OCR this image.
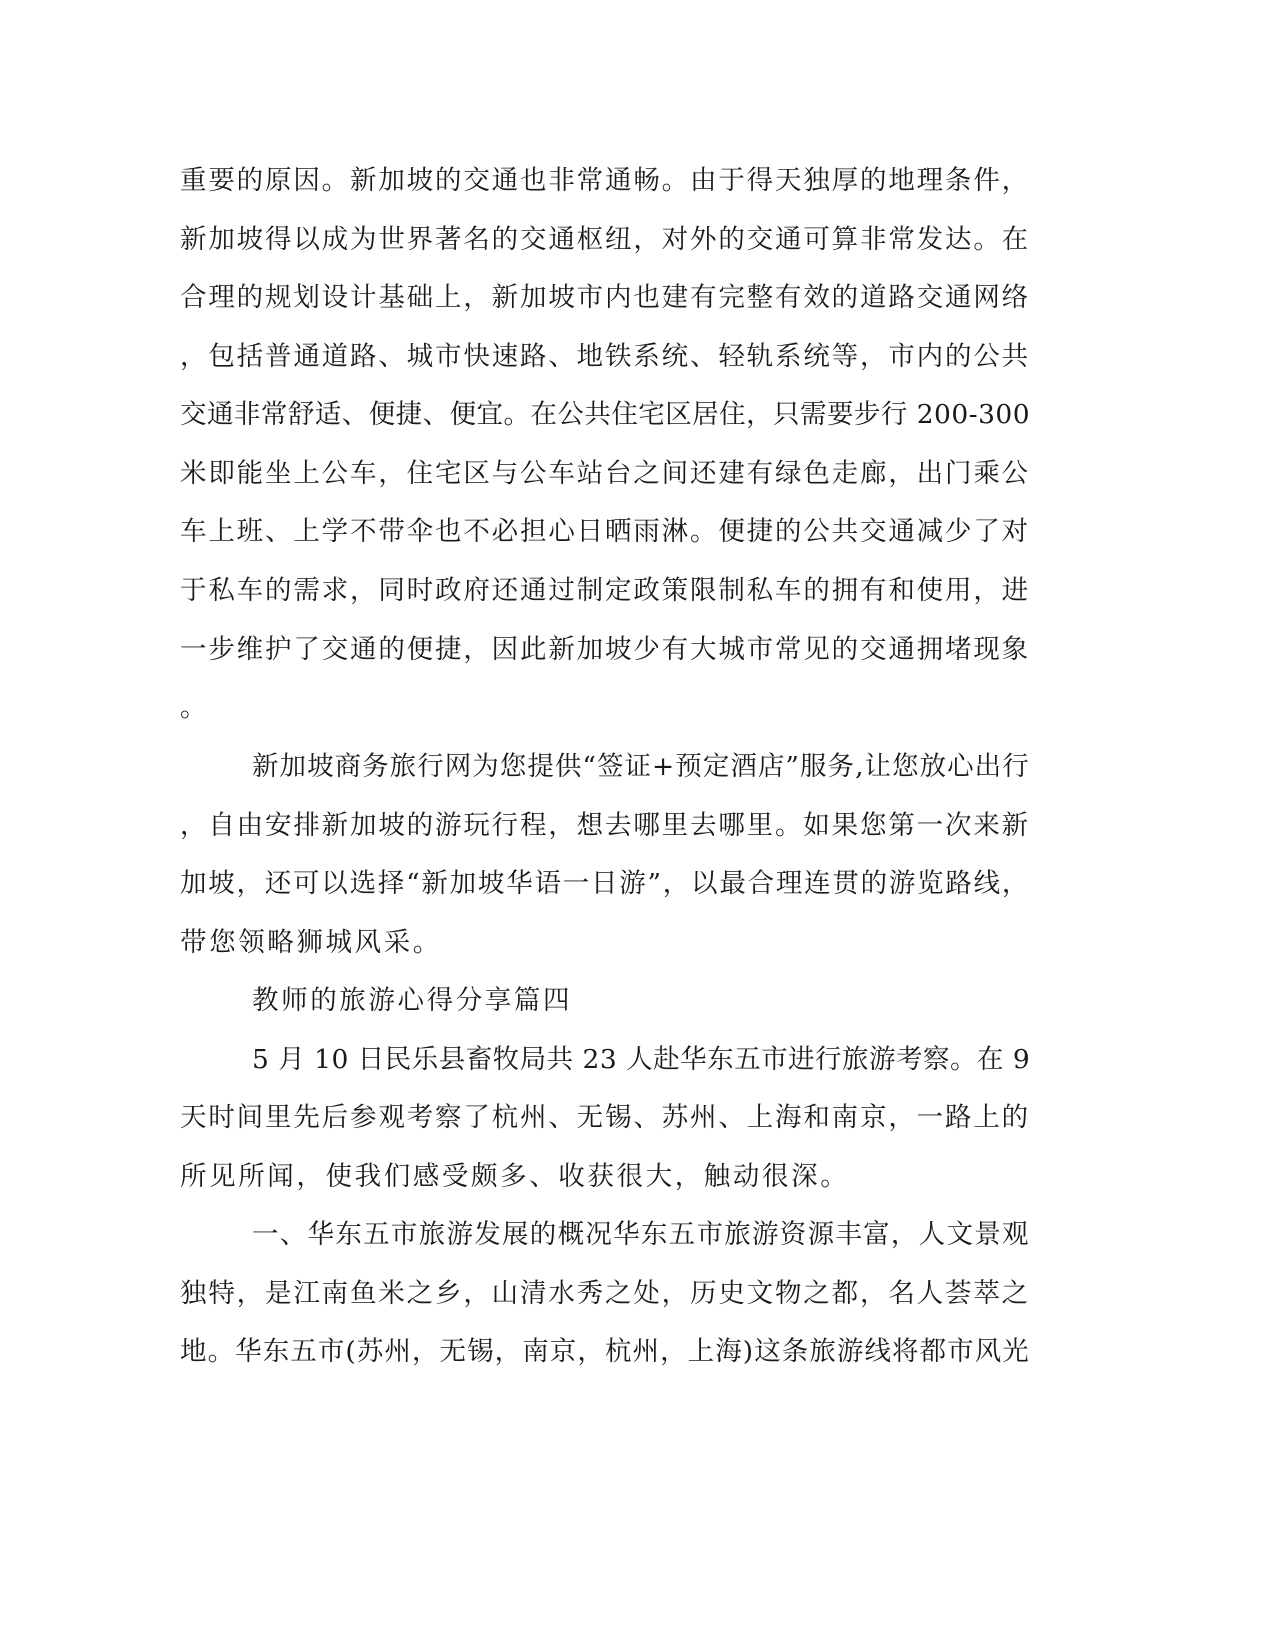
重要的原因。新加坡的交通也非常通畅。由于得天独厚的地理条件，
新加坡得以成为世界著名的交通枢纽，对外的交通可算非常发达。在
合理的规划设计基础上，新加坡市内也建有完整有效的道路交通网络
，包括普通道路、城市快速路、地铁系统、轻轨系统等，市内的公共
交通非常舒适、便捷、便宜。在公共住宅区居住，只需要步行 200-300
米即能坐上公车，住宅区与公车站台之间还建有绿色走廊，出门乘公
车上班、上学不带伞也不必担心日晒雨淋。便捷的公共交通减少了对
于私车的需求，同时政府还通过制定政策限制私车的拥有和使用，进
一步维护了交通的便捷，因此新加坡少有大城市常见的交通拥堵现象
。
新加坡商务旅行网为您提供“签证+预定酒店”服务,让您放心出行
，自由安排新加坡的游玩行程，想去哪里去哪里。如果您第一次来新
加坡，还可以选择“新加坡华语一日游”，以最合理连贯的游览路线，
带您领略狮城风采。
教师的旅游心得分享篇四
5 月 10 日民乐县畜牧局共 23 人赴华东五市进行旅游考察。在 9
天时间里先后参观考察了杭州、无锡、苏州、上海和南京，一路上的
所见所闻，使我们感受颇多、收获很大，触动很深。
一、华东五市旅游发展的概况华东五市旅游资源丰富，人文景观
独特，是江南鱼米之乡，山清水秀之处，历史文物之都，名人荟萃之
地。华东五市(苏州，无锡，南京，杭州，上海)这条旅游线将都市风光
